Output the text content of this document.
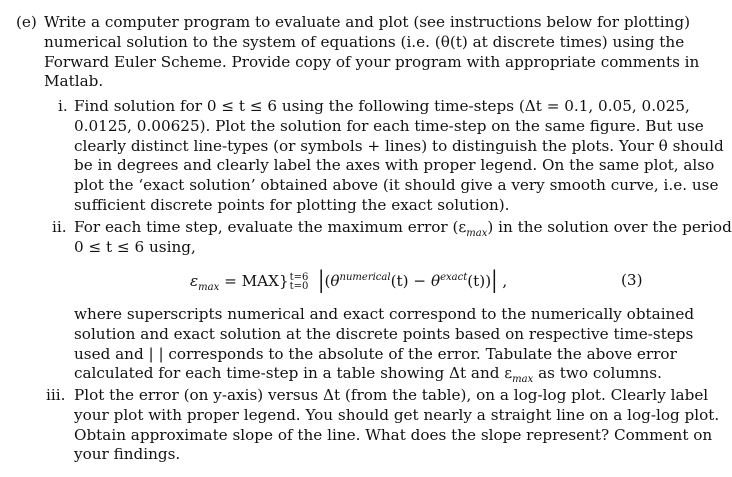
(e) Write a computer program to evaluate and plot (see instructions below for plotting)
numerical solution to the system of equations (i.e. (θ(t) at discrete times) using the
Forward Euler Scheme. Provide copy of your program with appropriate comments in
Matlab.
i. Find solution for 0 ≤ t ≤ 6 using the following time-steps (Δt = 0.1, 0.05, 0.025,
0.0125, 0.00625). Plot the solution for each time-step on the same figure. But use
clearly distinct line-types (or symbols + lines) to distinguish the plots. Your θ should
be in degrees and clearly label the axes with proper legend. On the same plot, also
plot the ‘exact solution’ obtained above (it should give a very smooth curve, i.e. use
sufficient discrete points for plotting the exact solution).
ii. For each time step, evaluate the maximum error $(\varepsilon_{max})$ in the solution over the period
0 ≤ t ≤ 6 using,
$\varepsilon_{max} = MAX$} t=6
t=0 $|(\theta^{numerical}(t) - \theta^{exact}(t))|$ ,	(3)
where superscripts numerical and exact correspond to the numerically obtained
solution and exact solution at the discrete points based on respective time-steps
used and | | corresponds to the absolute of the error. Tabulate the above error
calculated for each time-step in a table showing Δt and $\varepsilon_{max}$ as two columns.
iii. Plot the error (on y-axis) versus Δt (from the table), on a log-log plot. Clearly label
your plot with proper legend. You should get nearly a straight line on a log-log plot.
Obtain approximate slope of the line. What does the slope represent? Comment on
your findings.
